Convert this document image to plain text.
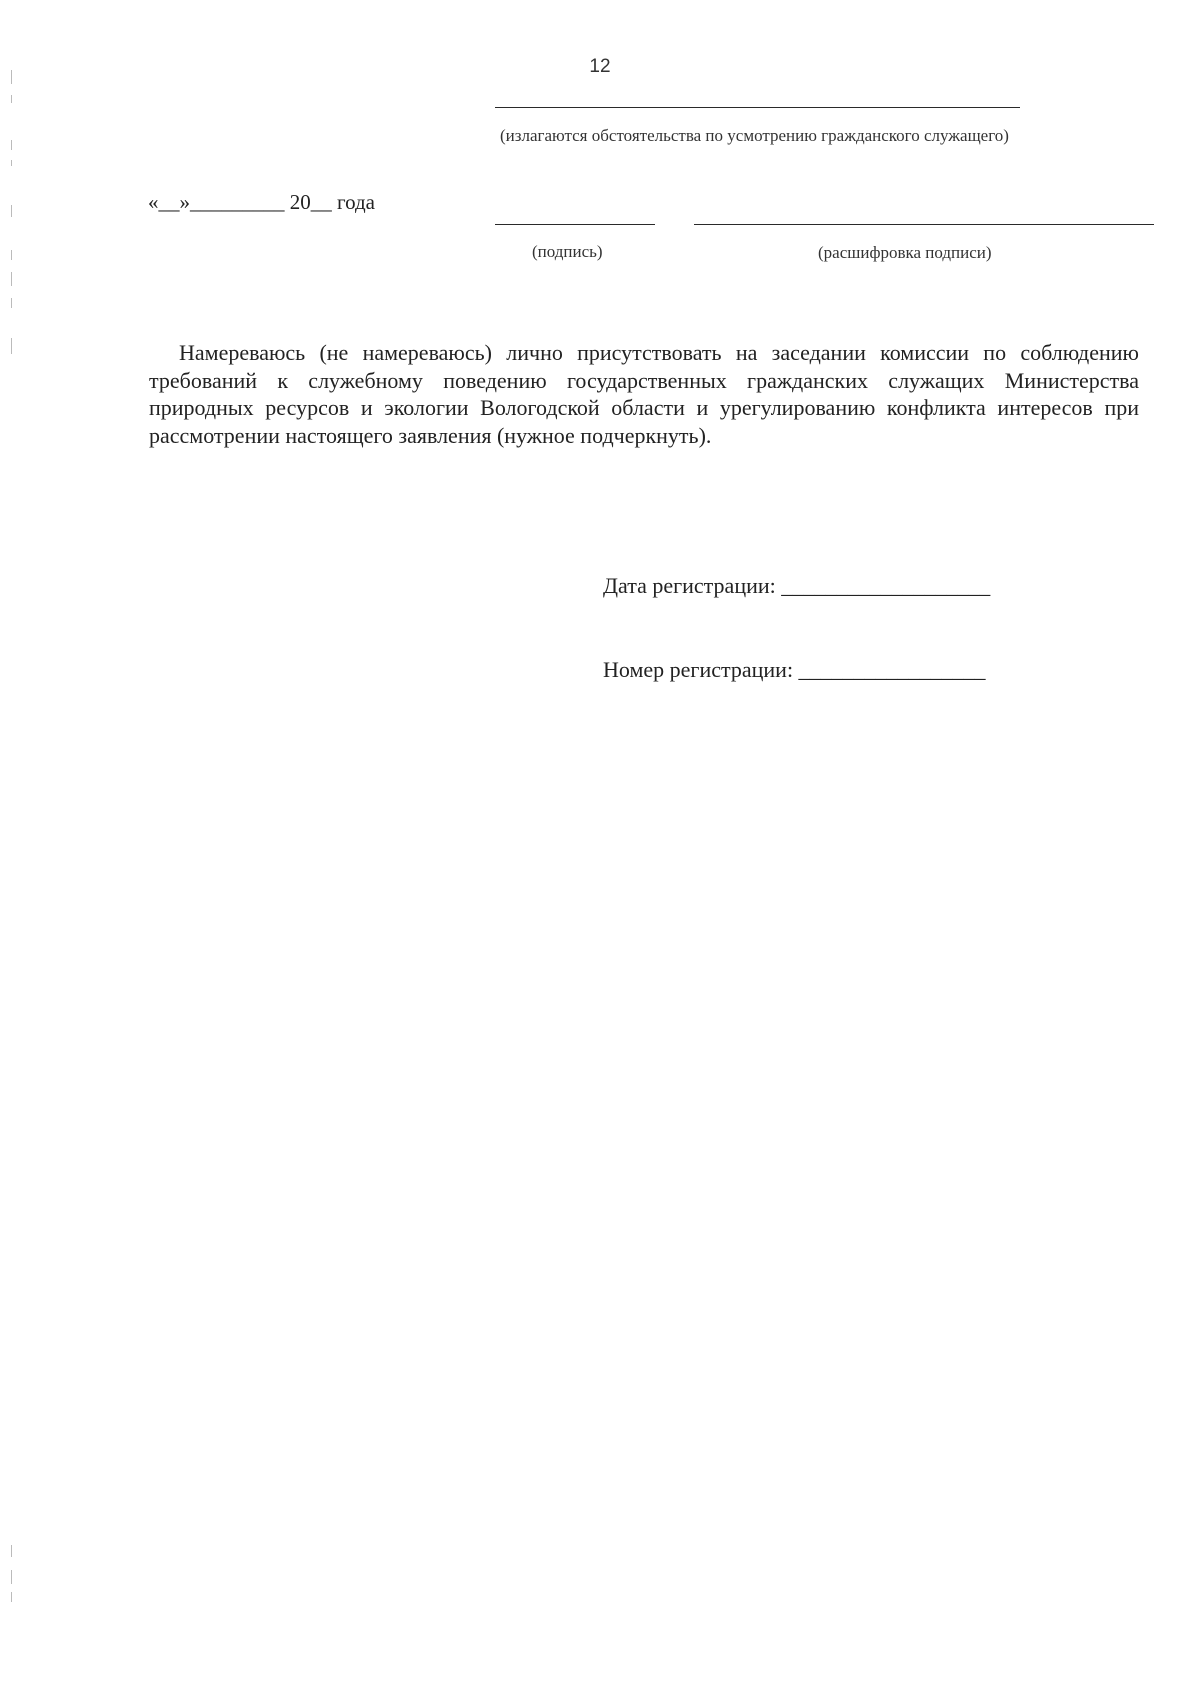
12
(излагаются обстоятельства по усмотрению гражданского служащего)
«__»_________ 20__ года
(подпись)	(расшифровка подписи)
Намереваюсь (не намереваюсь) лично присутствовать на заседании комиссии по соблюдению требований к служебному поведению государственных гражданских служащих Министерства природных ресурсов и экологии Вологодской области и урегулированию конфликта интересов при рассмотрении настоящего заявления (нужное подчеркнуть).

Дата регистрации: ___________________

Номер регистрации: _________________
